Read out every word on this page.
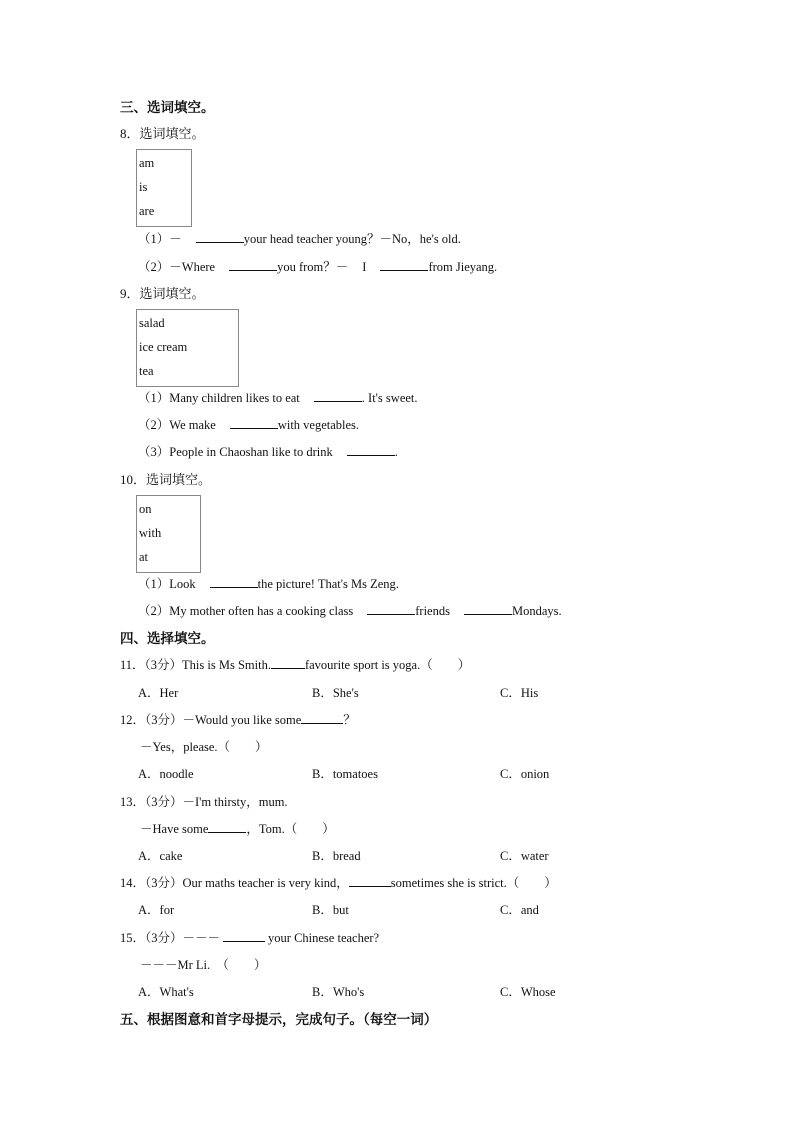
三、选词填空。
8．选词填空。
am
is
are
（1）－	your head teacher young？－No，he's old.
（2）－Where	you from？－ I	from Jieyang.
9．选词填空。
salad
ice cream
tea
（1）Many children likes to eat	. It's sweet.
（2）We make	with vegetables.
（3）People in Chaoshan like to drink	.
10．选词填空。
on
with
at
（1）Look	the picture! That's Ms Zeng.
（2）My mother often has a cooking class	friends	Mondays.
四、选择填空。
11．（3分）This is Ms Smith.	favourite sport is yoga.（　　）
A．Her	B．She's	C．His
12．（3分）－Would you like some	？
－Yes，please.（　　）
A．noodle	B．tomatoes	C．onion
13．（3分）－I'm thirsty，mum.
－Have some	，Tom.（　　）
A．cake	B．bread	C．water
14．（3分）Our maths teacher is very kind，	sometimes she is strict.（　　）
A．for	B．but	C．and
15．（3分）－－－	your Chinese teacher?
－－－Mr Li.　（　　）
A．What's	B．Who's	C．Whose
五、根据图意和首字母提示，完成句子。（每空一词）
